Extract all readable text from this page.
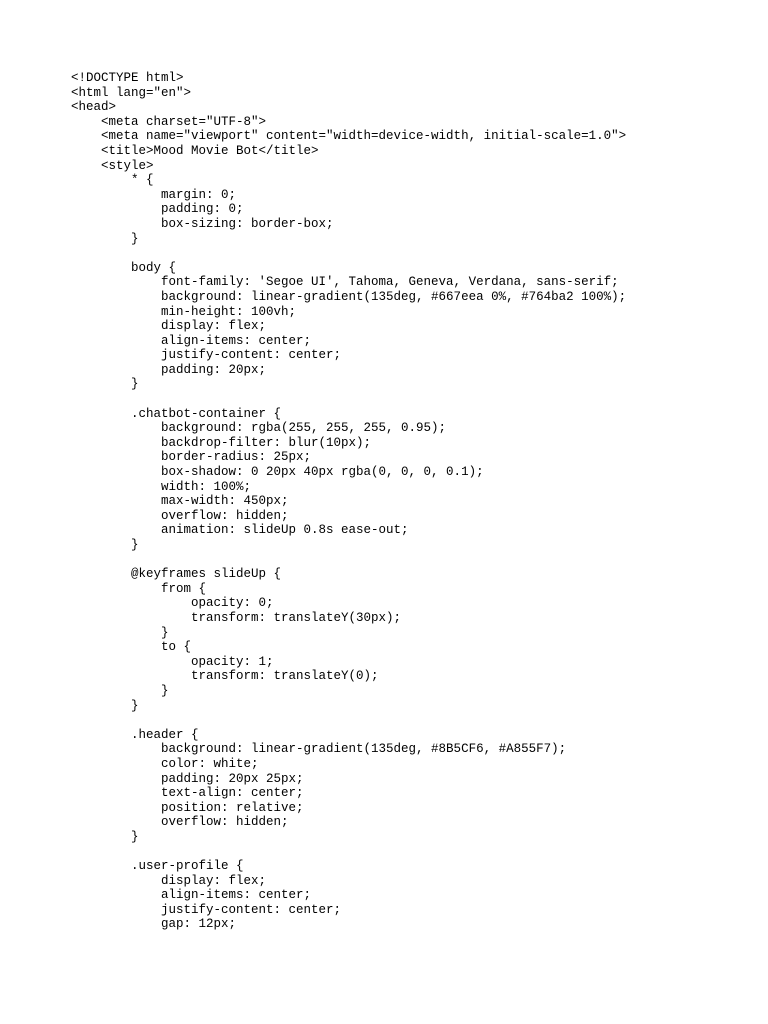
<!DOCTYPE html>
<html lang="en">
<head>
<meta charset="UTF-8">
<meta name="viewport" content="width=device-width, initial-scale=1.0">
<title>Mood Movie Bot</title>
<style>
* {
margin: 0;
padding: 0;
box-sizing: border-box;
}
body {
font-family: 'Segoe UI', Tahoma, Geneva, Verdana, sans-serif;
background: linear-gradient(135deg, #667eea 0%, #764ba2 100%);
min-height: 100vh;
display: flex;
align-items: center;
justify-content: center;
padding: 20px;
}
.chatbot-container {
background: rgba(255, 255, 255, 0.95);
backdrop-filter: blur(10px);
border-radius: 25px;
box-shadow: 0 20px 40px rgba(0, 0, 0, 0.1);
width: 100%;
max-width: 450px;
overflow: hidden;
animation: slideUp 0.8s ease-out;
}
@keyframes slideUp {
from {
opacity: 0;
transform: translateY(30px);
}
to {
opacity: 1;
transform: translateY(0);
}
}
.header {
background: linear-gradient(135deg, #8B5CF6, #A855F7);
color: white;
padding: 20px 25px;
text-align: center;
position: relative;
overflow: hidden;
}
.user-profile {
display: flex;
align-items: center;
justify-content: center;
gap: 12px;
